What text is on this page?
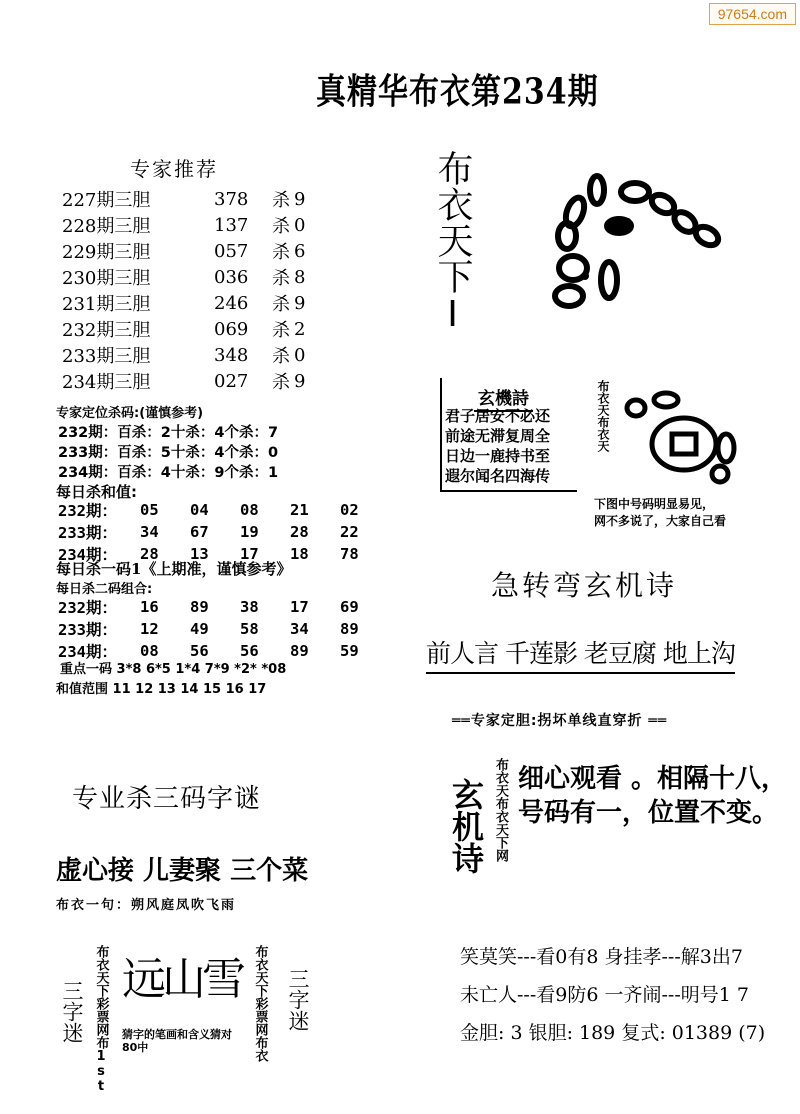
97654.com
真精华布衣第234期
专家推荐
227期三胆	378	杀	9
228期三胆	137	杀	0
229期三胆	057	杀	6
230期三胆	036	杀	8
231期三胆	246	杀	9
232期三胆	069	杀	2
233期三胆	348	杀	0
234期三胆	027	杀	9
专家定位杀码:(谨慎参考)
232期：百杀：2十杀：4个杀：7
233期：百杀：5十杀：4个杀：0
234期：百杀：4十杀：9个杀：1
每日杀和值:
232期：	05	04	08	21	02
233期：	34	67	19	28	22
234期：	28	13	17	18	78
每日杀一码1《上期准，谨慎参考》
每日杀二码组合:
232期：	16	89	38	17	69
233期：	12	49	58	34	89
234期：	08	56	56	89	59
重点一码 3*8 6*5 1*4 7*9 *2* *08
和值范围 11 12 13 14 15 16 17
布衣天下I
玄機詩
君子居安不必还
前途无滞复周全
日边一鹿持书至
遐尔闻名四海传
布衣天布衣天
下图中号码明显易见，
网不多说了，大家自己看
急转弯玄机诗
前人言 千莲影 老豆腐 地上沟
══专家定胆:拐坏单线直穿折 ══
玄机诗 布衣天布衣天下网 细心观看 。相隔十八，
号码有一，位置不变。
笑莫笑---看0有8 身挂孝---解3出7
未亡人---看9防6 一齐闹---明号1 7
金胆: 3 银胆: 189 复式: 01389 (7)
专业杀三码字谜
虚心接 儿妻聚 三个菜
布衣一句：朔风庭凤吹飞雨
三字迷	三字迷
布衣天下彩票网布1st	布衣天下彩票网布衣
远山雪
猜字的笔画和含义猜对80中
